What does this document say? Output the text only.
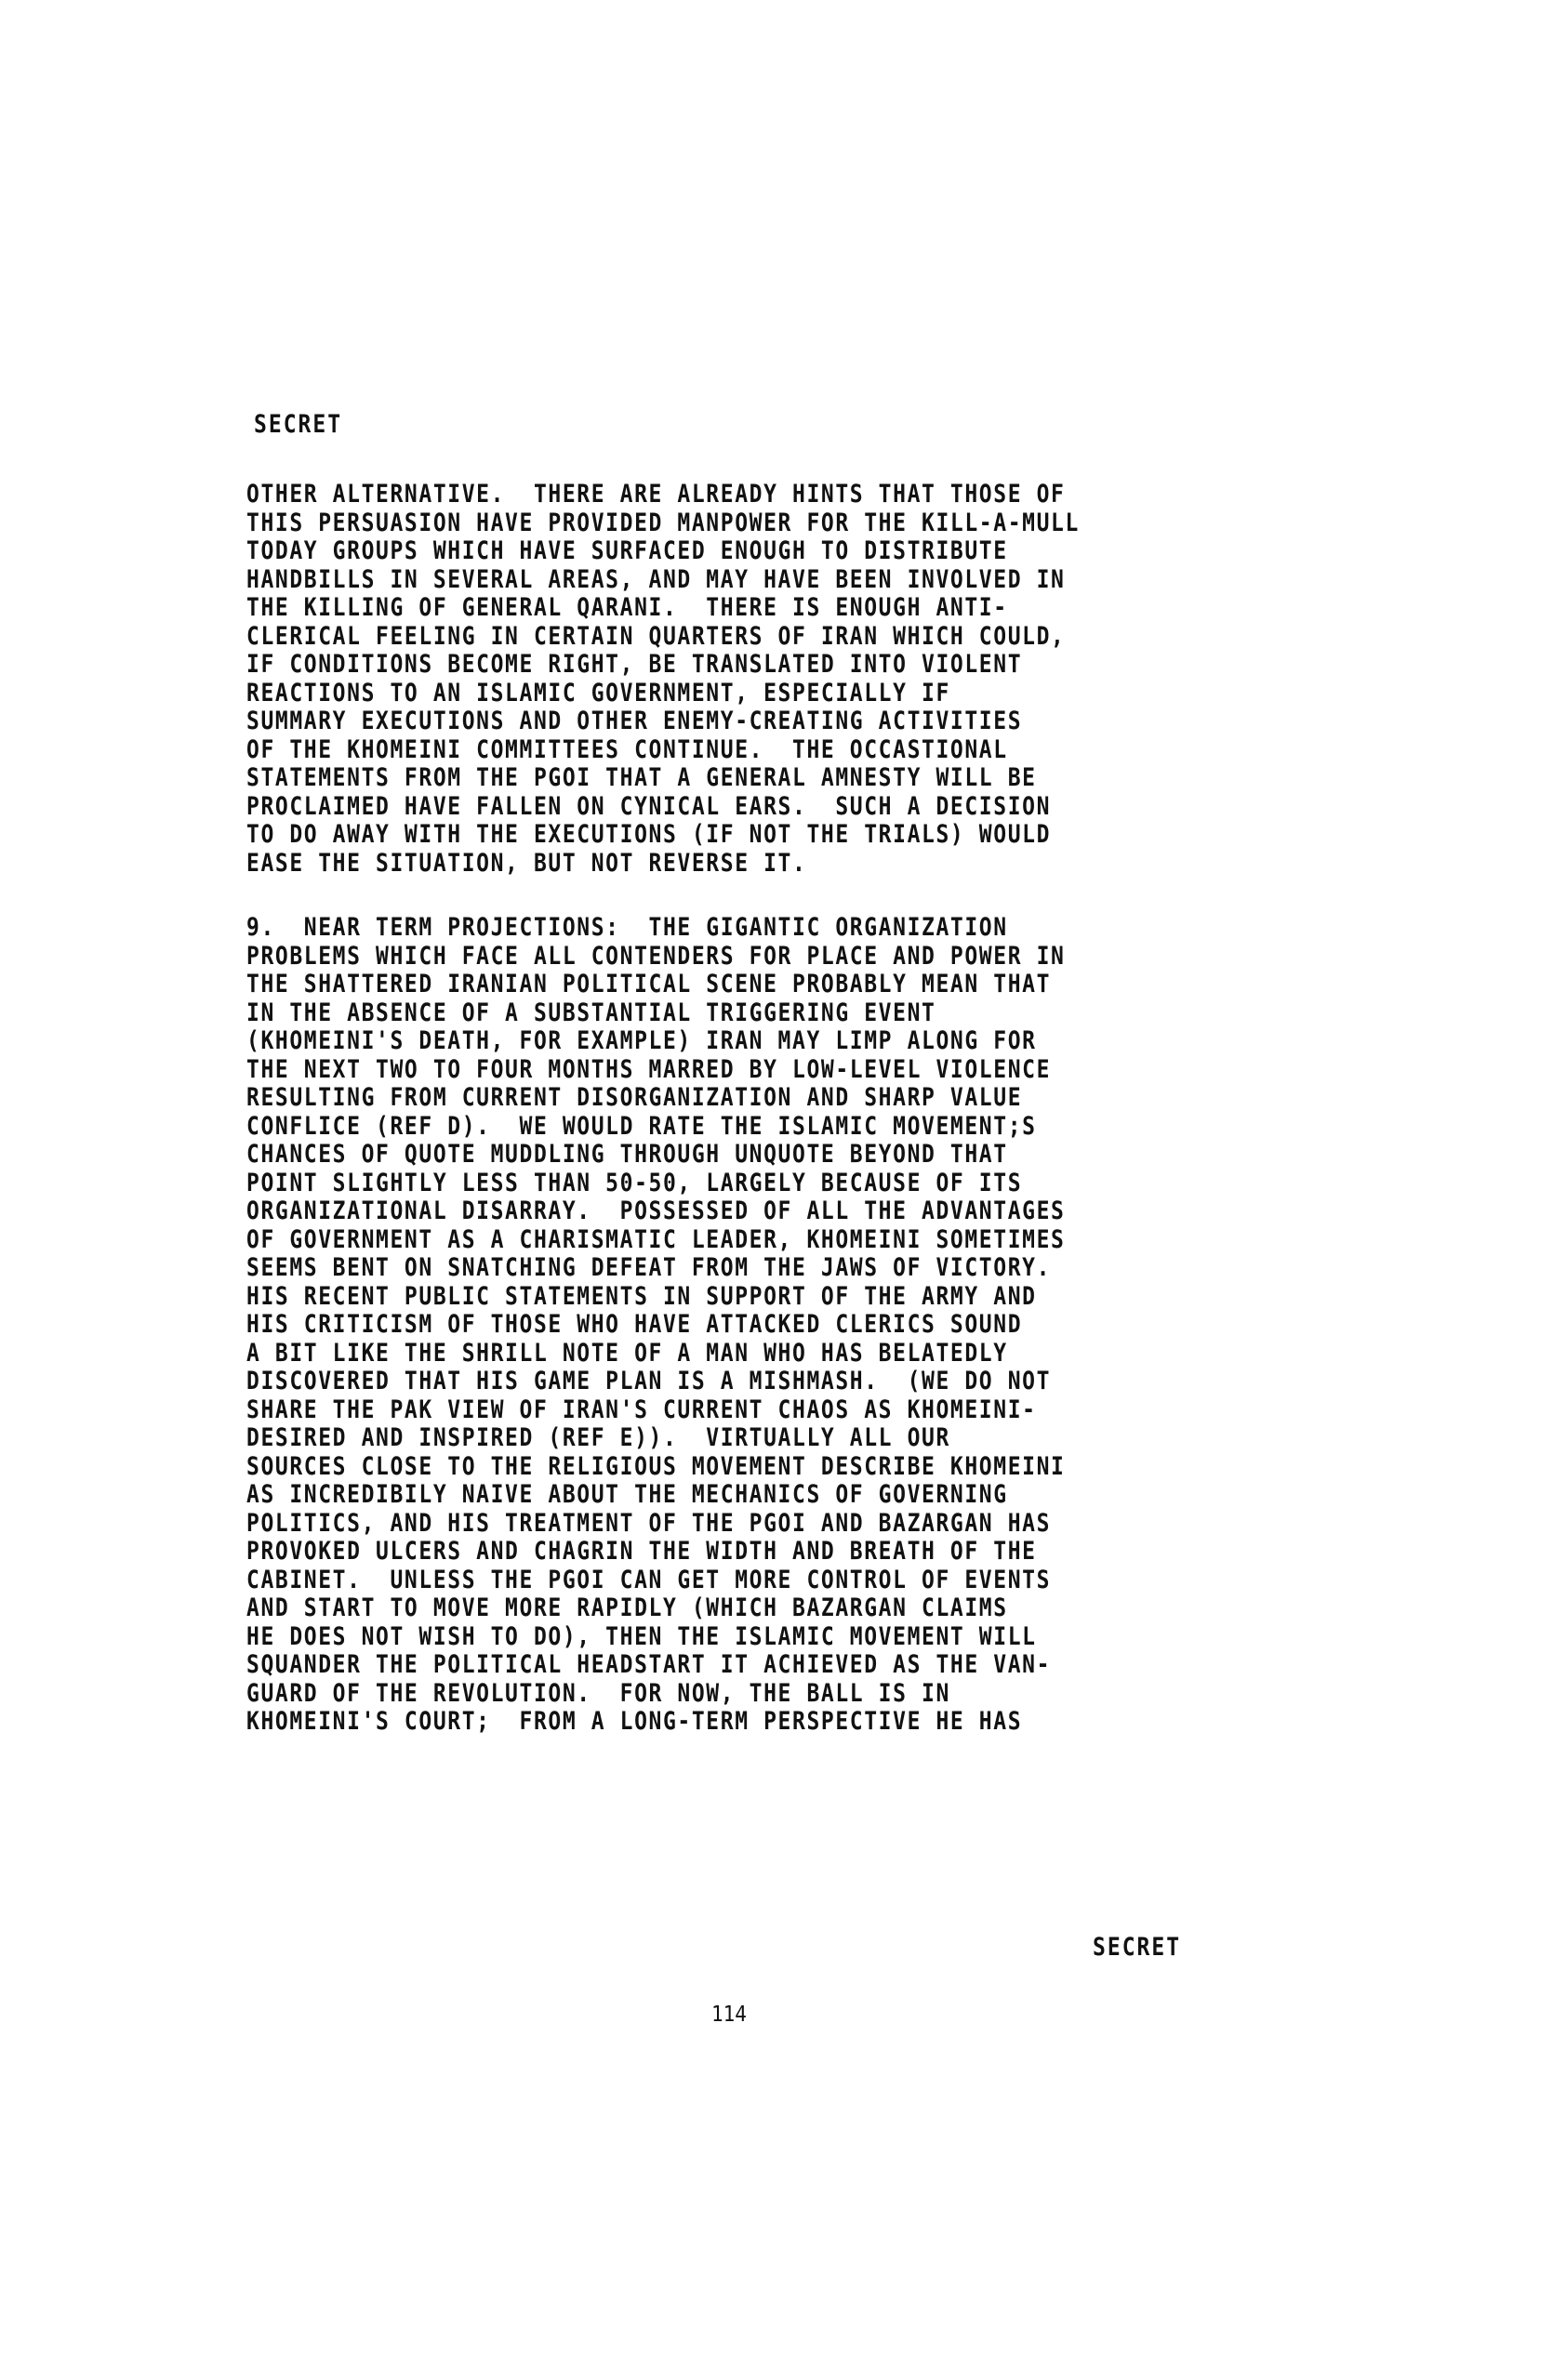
SECRET
OTHER ALTERNATIVE.  THERE ARE ALREADY HINTS THAT THOSE OF
THIS PERSUASION HAVE PROVIDED MANPOWER FOR THE KILL-A-MULL
TODAY GROUPS WHICH HAVE SURFACED ENOUGH TO DISTRIBUTE
HANDBILLS IN SEVERAL AREAS, AND MAY HAVE BEEN INVOLVED IN
THE KILLING OF GENERAL QARANI.  THERE IS ENOUGH ANTI-
CLERICAL FEELING IN CERTAIN QUARTERS OF IRAN WHICH COULD,
IF CONDITIONS BECOME RIGHT, BE TRANSLATED INTO VIOLENT
REACTIONS TO AN ISLAMIC GOVERNMENT, ESPECIALLY IF
SUMMARY EXECUTIONS AND OTHER ENEMY-CREATING ACTIVITIES
OF THE KHOMEINI COMMITTEES CONTINUE.  THE OCCASTIONAL
STATEMENTS FROM THE PGOI THAT A GENERAL AMNESTY WILL BE
PROCLAIMED HAVE FALLEN ON CYNICAL EARS.  SUCH A DECISION
TO DO AWAY WITH THE EXECUTIONS (IF NOT THE TRIALS) WOULD
EASE THE SITUATION, BUT NOT REVERSE IT.
9.  NEAR TERM PROJECTIONS:  THE GIGANTIC ORGANIZATION
PROBLEMS WHICH FACE ALL CONTENDERS FOR PLACE AND POWER IN
THE SHATTERED IRANIAN POLITICAL SCENE PROBABLY MEAN THAT
IN THE ABSENCE OF A SUBSTANTIAL TRIGGERING EVENT
(KHOMEINI'S DEATH, FOR EXAMPLE) IRAN MAY LIMP ALONG FOR
THE NEXT TWO TO FOUR MONTHS MARRED BY LOW-LEVEL VIOLENCE
RESULTING FROM CURRENT DISORGANIZATION AND SHARP VALUE
CONFLICE (REF D).  WE WOULD RATE THE ISLAMIC MOVEMENT;S
CHANCES OF QUOTE MUDDLING THROUGH UNQUOTE BEYOND THAT
POINT SLIGHTLY LESS THAN 50-50, LARGELY BECAUSE OF ITS
ORGANIZATIONAL DISARRAY.  POSSESSED OF ALL THE ADVANTAGES
OF GOVERNMENT AS A CHARISMATIC LEADER, KHOMEINI SOMETIMES
SEEMS BENT ON SNATCHING DEFEAT FROM THE JAWS OF VICTORY.
HIS RECENT PUBLIC STATEMENTS IN SUPPORT OF THE ARMY AND
HIS CRITICISM OF THOSE WHO HAVE ATTACKED CLERICS SOUND
A BIT LIKE THE SHRILL NOTE OF A MAN WHO HAS BELATEDLY
DISCOVERED THAT HIS GAME PLAN IS A MISHMASH.  (WE DO NOT
SHARE THE PAK VIEW OF IRAN'S CURRENT CHAOS AS KHOMEINI-
DESIRED AND INSPIRED (REF E)).  VIRTUALLY ALL OUR
SOURCES CLOSE TO THE RELIGIOUS MOVEMENT DESCRIBE KHOMEINI
AS INCREDIBILY NAIVE ABOUT THE MECHANICS OF GOVERNING
POLITICS, AND HIS TREATMENT OF THE PGOI AND BAZARGAN HAS
PROVOKED ULCERS AND CHAGRIN THE WIDTH AND BREATH OF THE
CABINET.  UNLESS THE PGOI CAN GET MORE CONTROL OF EVENTS
AND START TO MOVE MORE RAPIDLY (WHICH BAZARGAN CLAIMS
HE DOES NOT WISH TO DO), THEN THE ISLAMIC MOVEMENT WILL
SQUANDER THE POLITICAL HEADSTART IT ACHIEVED AS THE VAN-
GUARD OF THE REVOLUTION.  FOR NOW, THE BALL IS IN
KHOMEINI'S COURT;  FROM A LONG-TERM PERSPECTIVE HE HAS
SECRET
114
